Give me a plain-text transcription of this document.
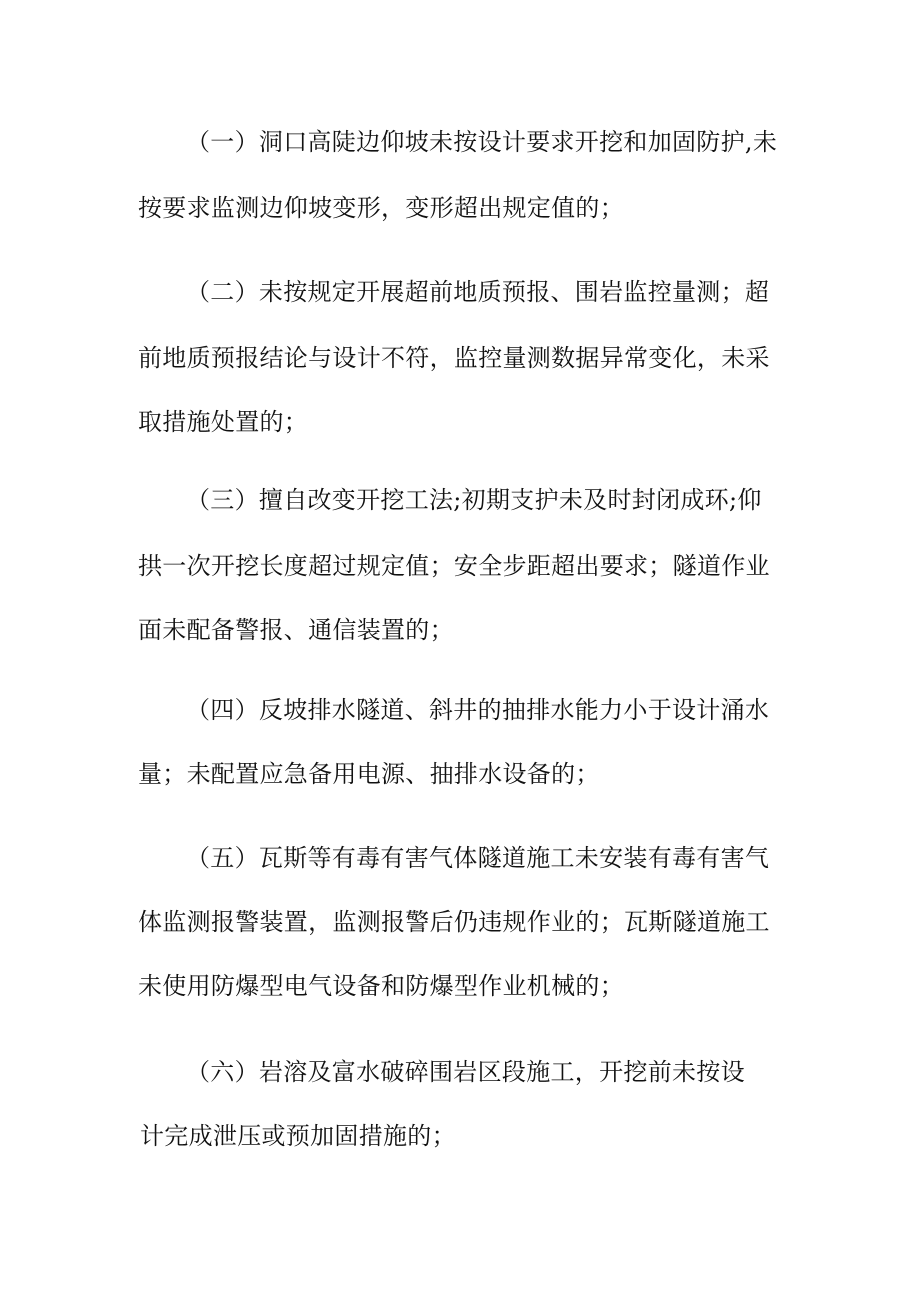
（一）洞口高陡边仰坡未按设计要求开挖和加固防护,未
按要求监测边仰坡变形，变形超出规定值的；
（二）未按规定开展超前地质预报、围岩监控量测；超
前地质预报结论与设计不符，监控量测数据异常变化，未采
取措施处置的；
（三）擅自改变开挖工法;初期支护未及时封闭成环;仰
拱一次开挖长度超过规定值；安全步距超出要求；隧道作业
面未配备警报、通信装置的；
（四）反坡排水隧道、斜井的抽排水能力小于设计涌水
量；未配置应急备用电源、抽排水设备的；
（五）瓦斯等有毒有害气体隧道施工未安装有毒有害气
体监测报警装置，监测报警后仍违规作业的；瓦斯隧道施工
未使用防爆型电气设备和防爆型作业机械的；
（六）岩溶及富水破碎围岩区段施工，开挖前未按设
计完成泄压或预加固措施的；
